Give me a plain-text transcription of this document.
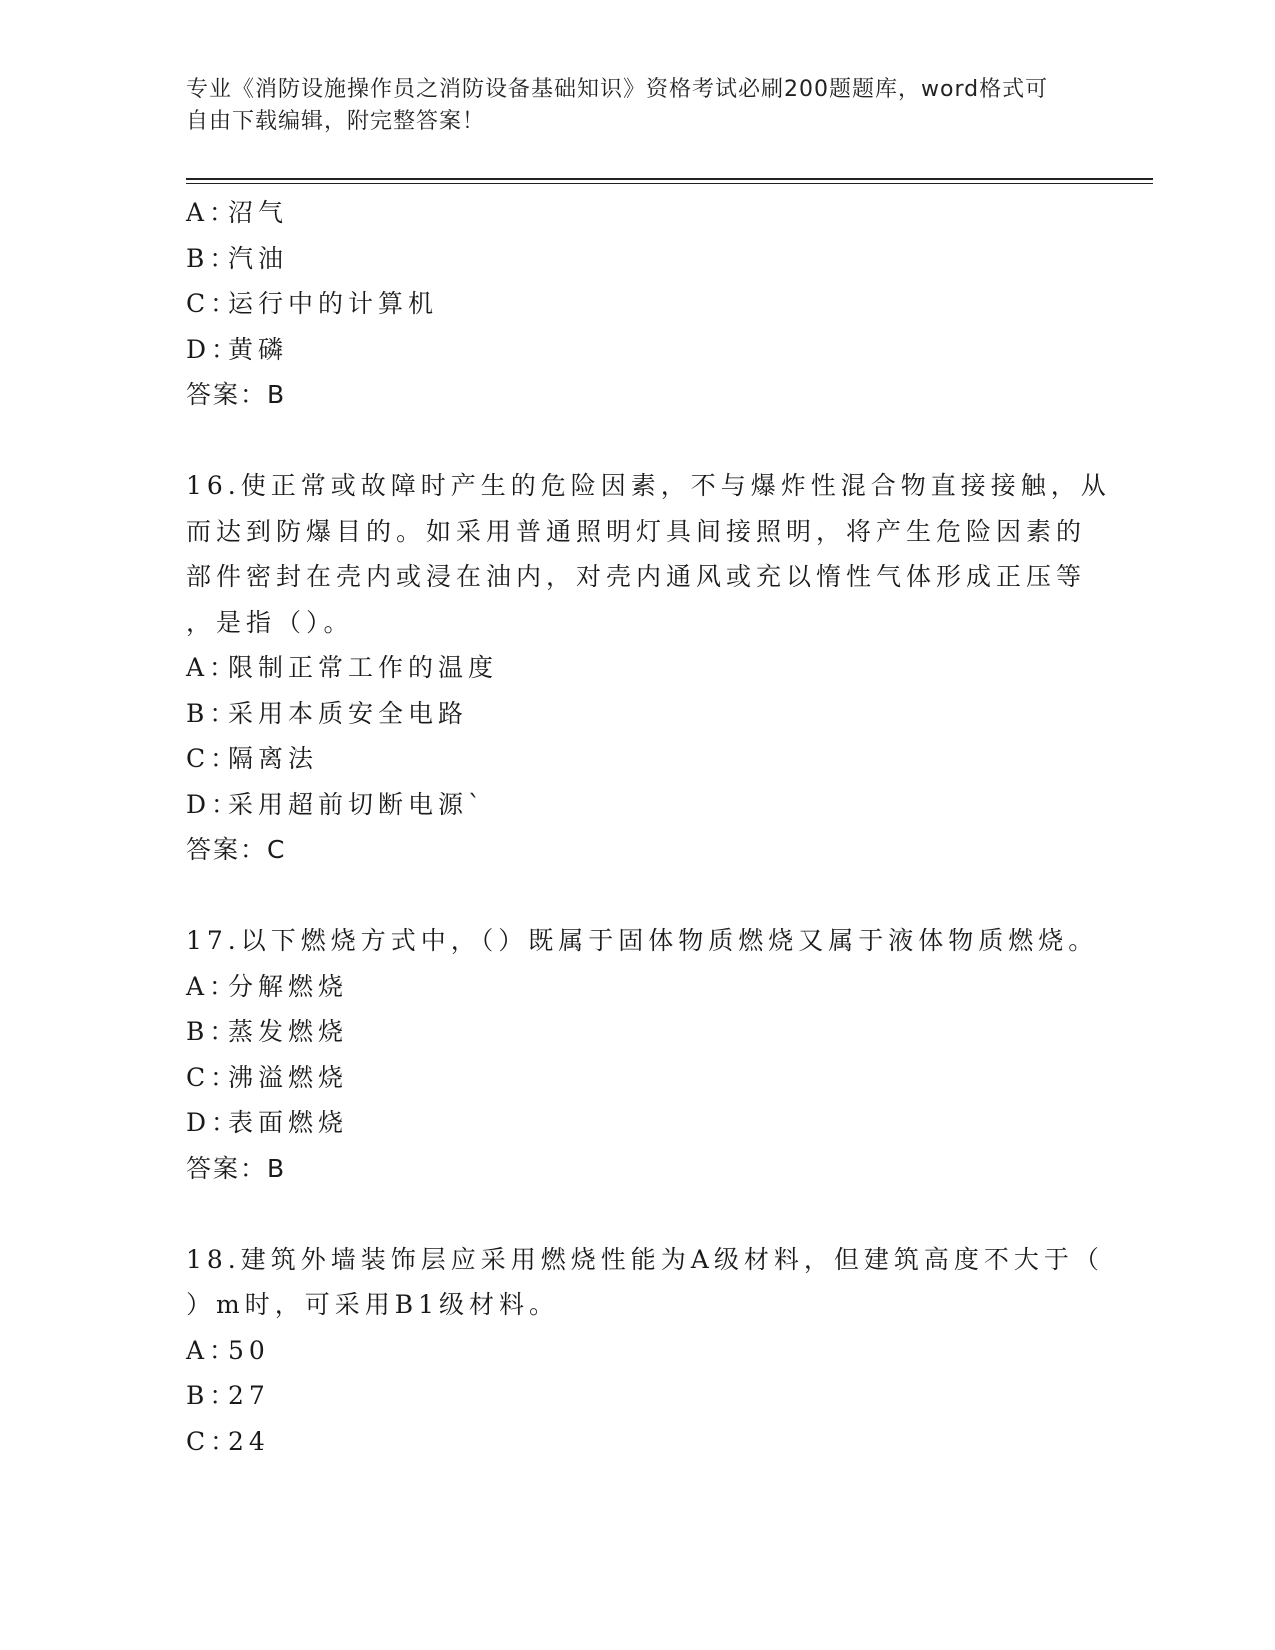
专业《消防设施操作员之消防设备基础知识》资格考试必刷200题题库，word格式可自由下载编辑，附完整答案！
A：
沼气
B：
汽油
C：
运行中的计算机
D：
黄磷
答案：B
16.使正常或故障时产生的危险因素，不与爆炸性混合物直接接触，从
而达到防爆目的。如采用普通照明灯具间接照明，将产生危险因素的
部件密封在壳内或浸在油内，对壳内通风或充以惰性气体形成正压等
，是指（）。
A：
限制正常工作的温度
B：
采用本质安全电路
C：
隔离法
D：
采用超前切断电源`
答案：C
17.以下燃烧方式中，（）既属于固体物质燃烧又属于液体物质燃烧。
A：
分解燃烧
B：
蒸发燃烧
C：
沸溢燃烧
D：
表面燃烧
答案：B
18.建筑外墙装饰层应采用燃烧性能为A级材料，但建筑高度不大于（
）m时，可采用B1级材料。
A：
50
B：
27
C：
24
